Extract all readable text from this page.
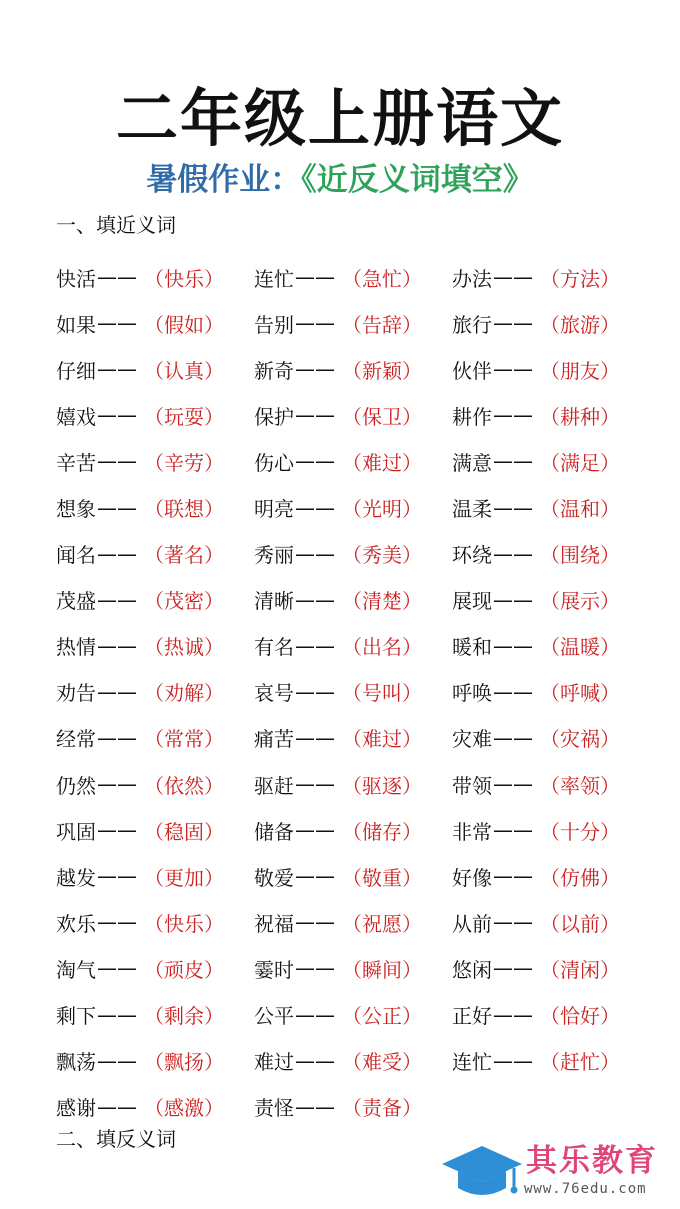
二年级上册语文
暑假作业：《近反义词填空》
一、填近义词
快活 —— （快乐） 连忙 —— （急忙） 办法 —— （方法）
如果 —— （假如） 告别 —— （告辞） 旅行 —— （旅游）
仔细 —— （认真） 新奇 —— （新颖） 伙伴 —— （朋友）
嬉戏 —— （玩耍） 保护 —— （保卫） 耕作 —— （耕种）
辛苦 —— （辛劳） 伤心 —— （难过） 满意 —— （满足）
想象 —— （联想） 明亮 —— （光明） 温柔 —— （温和）
闻名 —— （著名） 秀丽 —— （秀美） 环绕 —— （围绕）
茂盛 —— （茂密） 清晰 —— （清楚） 展现 —— （展示）
热情 —— （热诚） 有名 —— （出名） 暖和 —— （温暖）
劝告 —— （劝解） 哀号 —— （号叫） 呼唤 —— （呼喊）
经常 —— （常常） 痛苦 —— （难过） 灾难 —— （灾祸）
仍然 —— （依然） 驱赶 —— （驱逐） 带领 —— （率领）
巩固 —— （稳固） 储备 —— （储存） 非常 —— （十分）
越发 —— （更加） 敬爱 —— （敬重） 好像 —— （仿佛）
欢乐 —— （快乐） 祝福 —— （祝愿） 从前 —— （以前）
淘气 —— （顽皮） 霎时 —— （瞬间） 悠闲 —— （清闲）
剩下 —— （剩余） 公平 —— （公正） 正好 —— （恰好）
飘荡 —— （飘扬） 难过 —— （难受） 连忙 —— （赶忙）
感谢 —— （感激） 责怪 —— （责备）
二、填反义词
其乐教育
www.76edu.com
